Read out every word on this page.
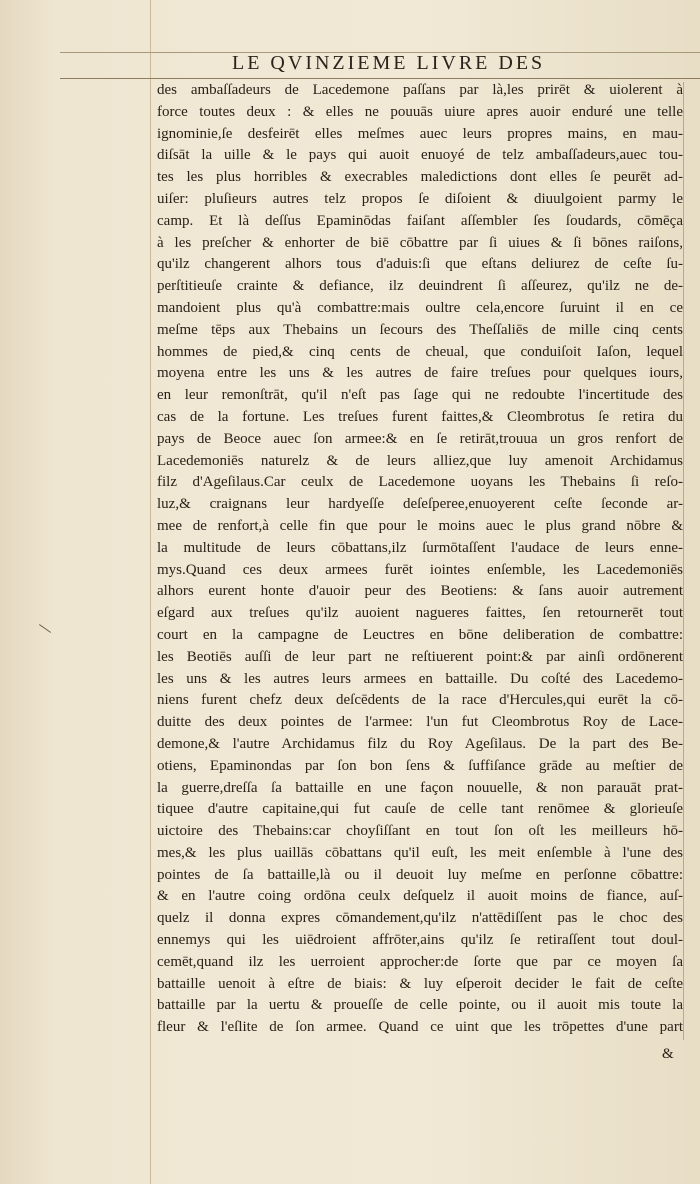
LE QVINZIEME LIVRE DES
des ambaſſadeurs de Lacedemone paſſans par là,les prirēt & uiolerent à
force toutes deux : & elles ne pouuās uiure apres auoir enduré une telle
ignominie,ſe desfeirēt elles meſmes auec leurs propres mains, en mau-
diſsāt la uille & le pays qui auoit enuoyé de telz ambaſſadeurs,auec tou-
tes les plus horribles & execrables maledictions dont elles ſe peurēt ad-
uiſer: pluſieurs autres telz propos ſe diſoient & diuulgoient parmy le
camp. Et là deſſus Epaminōdas faiſant aſſembler ſes ſoudards, cōmēça
à les preſcher & enhorter de biē cōbattre par ſi uiues & ſi bōnes raiſons,
qu'ilz changerent alhors tous d'aduis:ſi que eſtans deliurez de ceſte ſu-
perſtitieuſe crainte & defiance, ilz deuindrent ſi aſſeurez, qu'ilz ne de-
mandoient plus qu'à combattre:mais oultre cela,encore ſuruint il en ce
meſme tēps aux Thebains un ſecours des Theſſaliēs de mille cinq cents
hommes de pied,& cinq cents de cheual, que conduiſoit Iaſon, lequel
moyena entre les uns & les autres de faire treſues pour quelques iours,
en leur remonſtrāt, qu'il n'eſt pas ſage qui ne redoubte l'incertitude des
cas de la fortune. Les treſues furent faittes,& Cleombrotus ſe retira du
pays de Beoce auec ſon armee:& en ſe retirāt,trouua un gros renfort de
Lacedemoniēs naturelz & de leurs alliez,que luy amenoit Archidamus
filz d'Ageſilaus.Car ceulx de Lacedemone uoyans les Thebains ſi reſo-
luz,& craignans leur hardyeſſe deſeſperee,enuoyerent ceſte ſeconde ar-
mee de renfort,à celle fin que pour le moins auec le plus grand nōbre &
la multitude de leurs cōbattans,ilz ſurmōtaſſent l'audace de leurs enne-
mys.Quand ces deux armees furēt iointes enſemble, les Lacedemoniēs
alhors eurent honte d'auoir peur des Beotiens: & ſans auoir autrement
eſgard aux treſues qu'ilz auoient nagueres faittes, ſen retournerēt tout
court en la campagne de Leuctres en bōne deliberation de combattre:
les Beotiēs auſſi de leur part ne reſtiuerent point:& par ainſi ordōnerent
les uns & les autres leurs armees en battaille. Du coſté des Lacedemo-
niens furent chefz deux deſcēdents de la race d'Hercules,qui eurēt la cō-
duitte des deux pointes de l'armee: l'un fut Cleombrotus Roy de Lace-
demone,& l'autre Archidamus filz du Roy Ageſilaus. De la part des Be-
otiens, Epaminondas par ſon bon ſens & ſuffiſance grāde au meſtier de
la guerre,dreſſa ſa battaille en une façon nouuelle, & non parauāt prat-
tiquee d'autre capitaine,qui fut cauſe de celle tant renōmee & glorieuſe
uictoire des Thebains:car choyſiſſant en tout ſon oſt les meilleurs hō-
mes,& les plus uaillās cōbattans qu'il euſt, les meit enſemble à l'une des
pointes de ſa battaille,là ou il deuoit luy meſme en perſonne cōbattre:
& en l'autre coing ordōna ceulx deſquelz il auoit moins de fiance, auſ-
quelz il donna expres cōmandement,qu'ilz n'attēdiſſent pas le choc des
ennemys qui les uiēdroient affrōter,ains qu'ilz ſe retiraſſent tout doul-
cemēt,quand ilz les uerroient approcher:de ſorte que par ce moyen ſa
battaille uenoit à eſtre de biais: & luy eſperoit decider le fait de ceſte
battaille par la uertu & proueſſe de celle pointe, ou il auoit mis toute la
fleur & l'eſlite de ſon armee. Quand ce uint que les trōpettes d'une part
&
